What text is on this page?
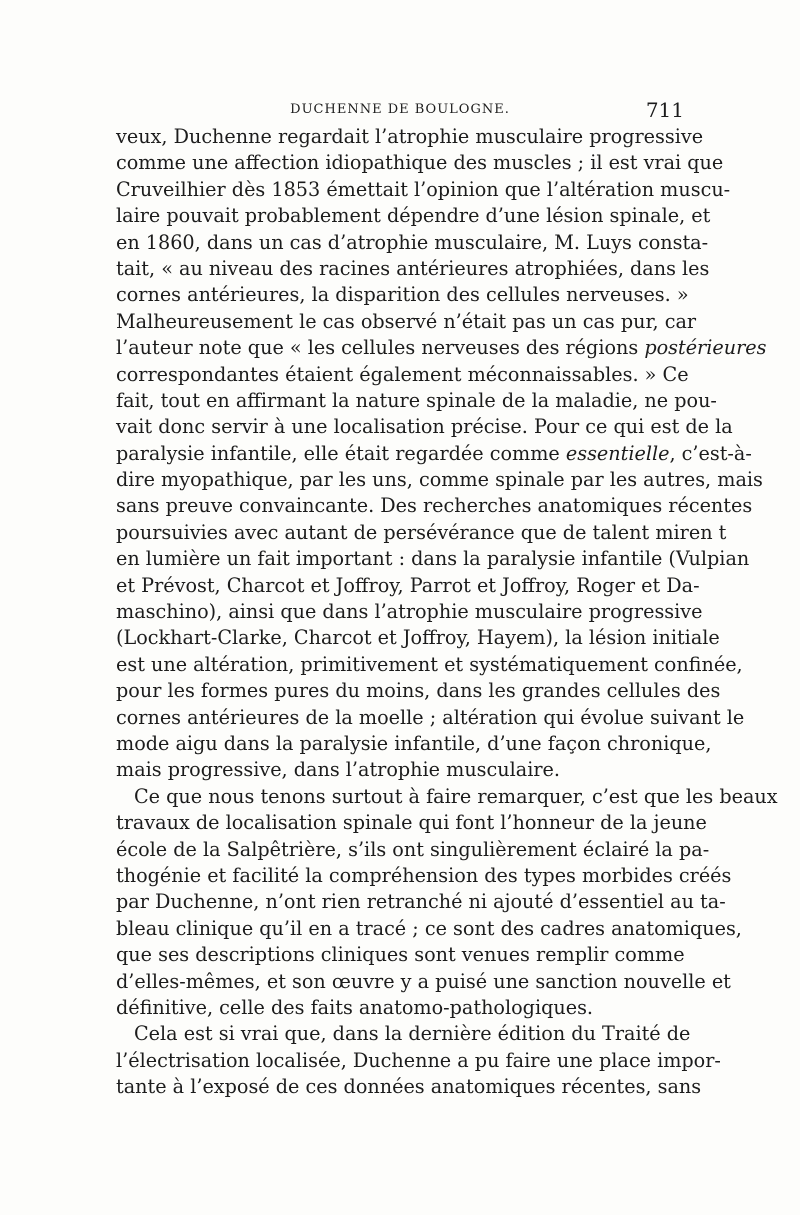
DUCHENNE DE BOULOGNE.	711
veux, Duchenne regardait l’atrophie musculaire progressive
comme une affection idiopathique des muscles ; il est vrai que
Cruveilhier dès 1853 émettait l’opinion que l’altération muscu-
laire pouvait probablement dépendre d’une lésion spinale, et
en 1860, dans un cas d’atrophie musculaire, M. Luys consta-
tait, « au niveau des racines antérieures atrophiées, dans les
cornes antérieures, la disparition des cellules nerveuses. »
Malheureusement le cas observé n’était pas un cas pur, car
l’auteur note que « les cellules nerveuses des régions postérieures
correspondantes étaient également méconnaissables. » Ce
fait, tout en affirmant la nature spinale de la maladie, ne pou-
vait donc servir à une localisation précise. Pour ce qui est de la
paralysie infantile, elle était regardée comme essentielle, c’est-à-
dire myopathique, par les uns, comme spinale par les autres, mais
sans preuve convaincante. Des recherches anatomiques récentes
poursuivies avec autant de persévérance que de talent miren t
en lumière un fait important : dans la paralysie infantile (Vulpian
et Prévost, Charcot et Joffroy, Parrot et Joffroy, Roger et Da-
maschino), ainsi que dans l’atrophie musculaire progressive
(Lockhart-Clarke, Charcot et Joffroy, Hayem), la lésion initiale
est une altération, primitivement et systématiquement confinée,
pour les formes pures du moins, dans les grandes cellules des
cornes antérieures de la moelle ; altération qui évolue suivant le
mode aigu dans la paralysie infantile, d’une façon chronique,
mais progressive, dans l’atrophie musculaire.
Ce que nous tenons surtout à faire remarquer, c’est que les beaux
travaux de localisation spinale qui font l’honneur de la jeune
école de la Salpêtrière, s’ils ont singulièrement éclairé la pa-
thogénie et facilité la compréhension des types morbides créés
par Duchenne, n’ont rien retranché ni ajouté d’essentiel au ta-
bleau clinique qu’il en a tracé ; ce sont des cadres anatomiques,
que ses descriptions cliniques sont venues remplir comme
d’elles-mêmes, et son œuvre y a puisé une sanction nouvelle et
définitive, celle des faits anatomo-pathologiques.
Cela est si vrai que, dans la dernière édition du Traité de
l’électrisation localisée, Duchenne a pu faire une place impor-
tante à l’exposé de ces données anatomiques récentes, sans
